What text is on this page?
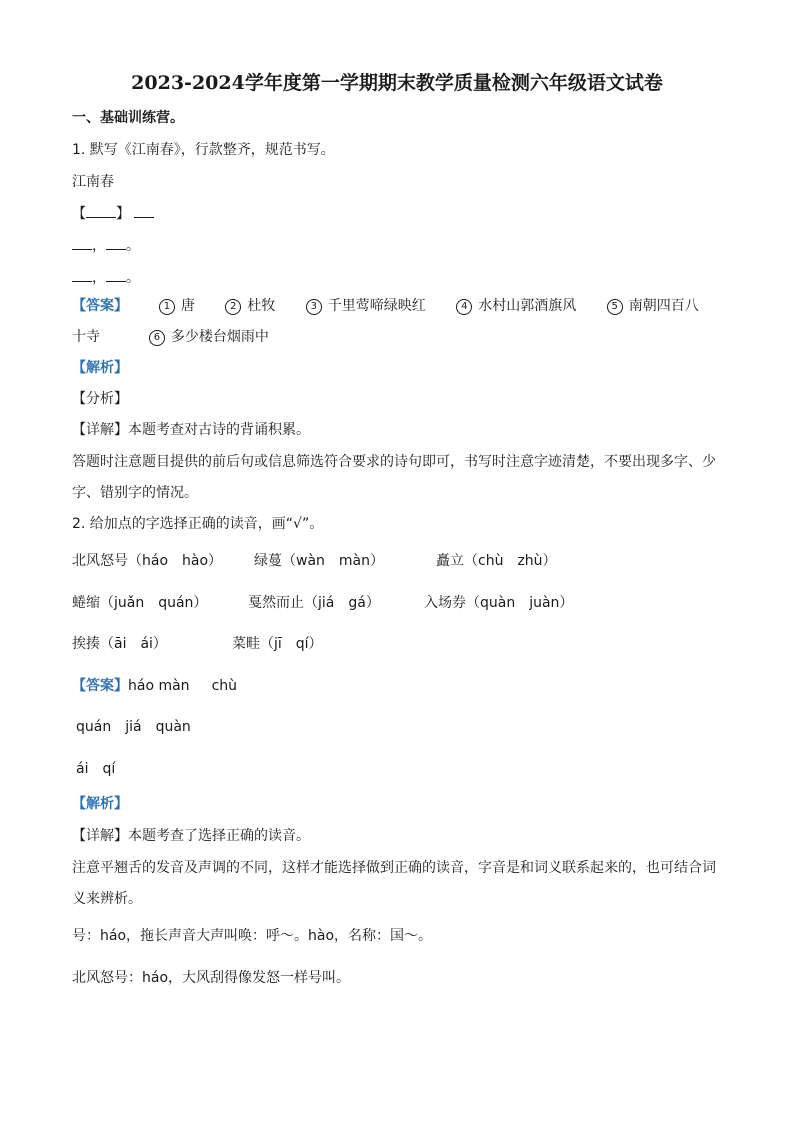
2023-2024学年度第一学期期末教学质量检测六年级语文试卷
一、基础训练营。
1. 默写《江南春》，行款整齐，规范书写。
江南春
【 】
， 。
， 。
【答案】	1 唐	2 杜牧	3 千里莺啼绿映红	4 水村山郭酒旗风	5 南朝四百八
十寺	6 多少楼台烟雨中
【解析】
【分析】
【详解】本题考查对古诗的背诵积累。
答题时注意题目提供的前后句或信息筛选符合要求的诗句即可，书写时注意字迹清楚，不要出现多字、少
字、错别字的情况。
2. 给加点的字选择正确的读音，画“√”。
北风怒号（háo　hào） 绿蔓（wàn　màn）	矗立（chù　zhù）
蜷缩（juǎn　quán）	戛然而止（jiá　gá）	入场券（quàn　juàn）
挨揍（āi　ái）	菜畦（jī　qí）
【答案】háo màn chù
quán jiá quàn
ái qí
【解析】
【详解】本题考查了选择正确的读音。
注意平翘舌的发音及声调的不同，这样才能选择做到正确的读音，字音是和词义联系起来的，也可结合词
义来辨析。
号：háo，拖长声音大声叫唤：呼～。hào，名称：国～。
北风怒号：háo，大风刮得像发怒一样号叫。
